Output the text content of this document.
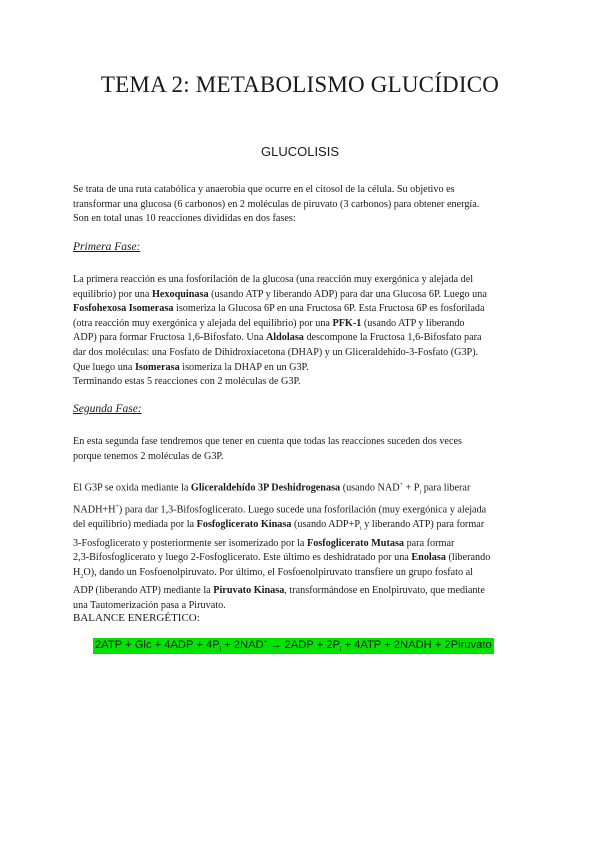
TEMA 2: METABOLISMO GLUCÍDICO
GLUCOLISIS
Se trata de una ruta catabólica y anaerobia que ocurre en el citosol de la célula. Su objetivo es
transformar una glucosa (6 carbonos) en 2 moléculas de piruvato (3 carbonos) para obtener energía.
Son en total unas 10 reacciones divididas en dos fases:
Primera Fase:
La primera reacción es una fosforilación de la glucosa (una reacción muy exergónica y alejada del
equilibrio) por una Hexoquinasa (usando ATP y liberando ADP) para dar una Glucosa 6P. Luego una
Fosfohexosa Isomerasa isomeriza la Glucosa 6P en una Fructosa 6P. Esta Fructosa 6P es fosforilada
(otra reacción muy exergónica y alejada del equilibrio) por una PFK-1 (usando ATP y liberando
ADP) para formar Fructosa 1,6-Bifosfato. Una Aldolasa descompone la Fructosa 1,6-Bifosfato para
dar dos moléculas: una Fosfato de Dihidroxiacetona (DHAP) y un Gliceraldehído-3-Fosfato (G3P).
Que luego una Isomerasa isomeriza la DHAP en un G3P.
Terminando estas 5 reacciones con 2 moléculas de G3P.
Segunda Fase:
En esta segunda fase tendremos que tener en cuenta que todas las reacciones suceden dos veces
porque tenemos 2 moléculas de G3P.
El G3P se oxida mediante la Gliceraldehído 3P Deshidrogenasa (usando $NAD^+ + P_i$ para liberar
NADH+H+) para dar 1,3-Bifosfoglicerato. Luego sucede una fosforilación (muy exergónica y alejada
del equilibrio) mediada por la Fosfoglicerato Kinasa (usando $ADP+P_i$ y liberando ATP) para formar
3-Fosfoglicerato y posteriormente ser isomerizado por la Fosfoglicerato Mutasa para formar
2,3-Bifosfoglicerato y luego 2-Fosfoglicerato. Este último es deshidratado por una Enolasa (liberando
$H_2O$), dando un Fosfoenolpiruvato. Por último, el Fosfoenolpiruvato transfiere un grupo fosfato al
ADP (liberando ATP) mediante la Piruvato Kinasa, transformándose en Enolpiruvato, que mediante
una Tautomerización pasa a Piruvato.
BALANCE ENERGÉTICO:
2ATP + Glc + $4ADP + 4P_i + 2NAD^+ \to 2ADP + 2P_i + 4ATP$ + 2NADH + 2Piruvato
